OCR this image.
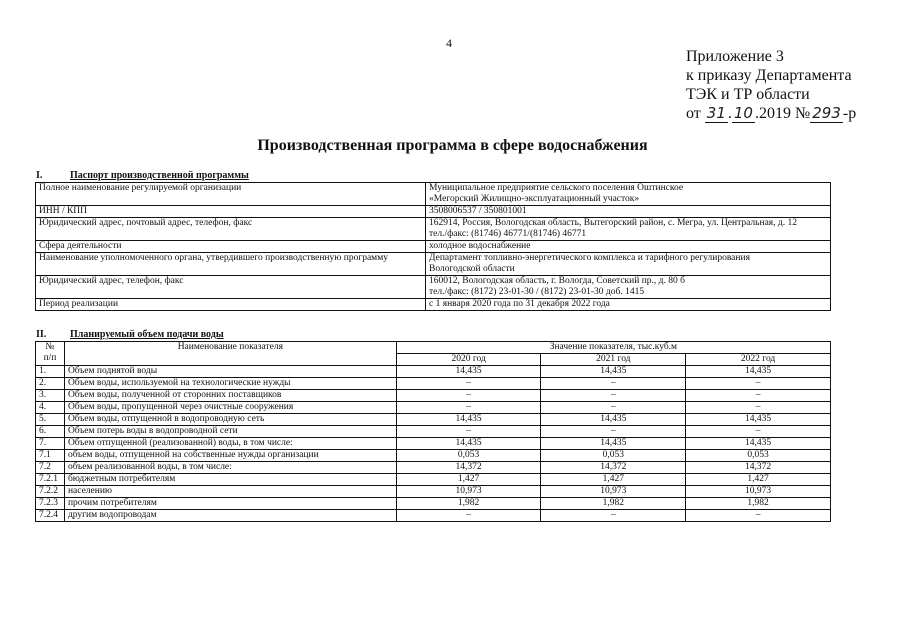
4
Приложение 3
к приказу Департамента
ТЭК и ТР области
от 31 . 10 .2019 № 293 -р
Производственная программа в сфере водоснабжения
I.	Паспорт производственной программы
Полное наименование регулируемой организации	Муниципальное предприятие сельского поселения Оштинское
«Мегорский Жилищно-эксплуатационный участок»

ИНН / КПП	3508006537 / 350801001

Юридический адрес, почтовый адрес, телефон, факс	162914, Россия, Вологодская область, Вытегорский район, с. Мегра, ул. Центральная, д. 12
тел./факс: (81746) 46771/(81746) 46771

Сфера деятельности	холодное водоснабжение

Наименование уполномоченного органа, утвердившего производственную программу	Департамент топливно-энергетического комплекса и тарифного регулирования
Вологодской области

Юридический адрес, телефон, факс	160012, Вологодская область, г. Вологда, Советский пр., д. 80 б
тел./факс: (8172) 23-01-30 / (8172) 23-01-30 доб. 1415

Период реализации	с 1 января 2020 года по 31 декабря 2022 года
II. Планируемый объем подачи воды
№
п/п	Наименование показателя	Значение показателя, тыс.куб.м		
		2020 год	2021 год	2022 год
1.	Объем поднятой воды	14,435	14,435	14,435
2.	Объем воды, используемой на технологические нужды	–	–	–
3.	Объем воды, полученной от сторонних поставщиков	–	–	–
4.	Объем воды, пропущенной через очистные сооружения	–	–	–
5.	Объем воды, отпущенной в водопроводную сеть	14,435	14,435	14,435
6.	Объем потерь воды в водопроводной сети	–	–	–
7.	Объем отпущенной (реализованной) воды, в том числе:	14,435	14,435	14,435
7.1	объем воды, отпущенной на собственные нужды организации	0,053	0,053	0,053
7.2	объем реализованной воды, в том числе:	14,372	14,372	14,372
7.2.1	бюджетным потребителям	1,427	1,427	1,427
7.2.2	населению	10,973	10,973	10,973
7.2.3	прочим потребителям	1,982	1,982	1,982
7.2.4	другим водопроводам	–	–	–
